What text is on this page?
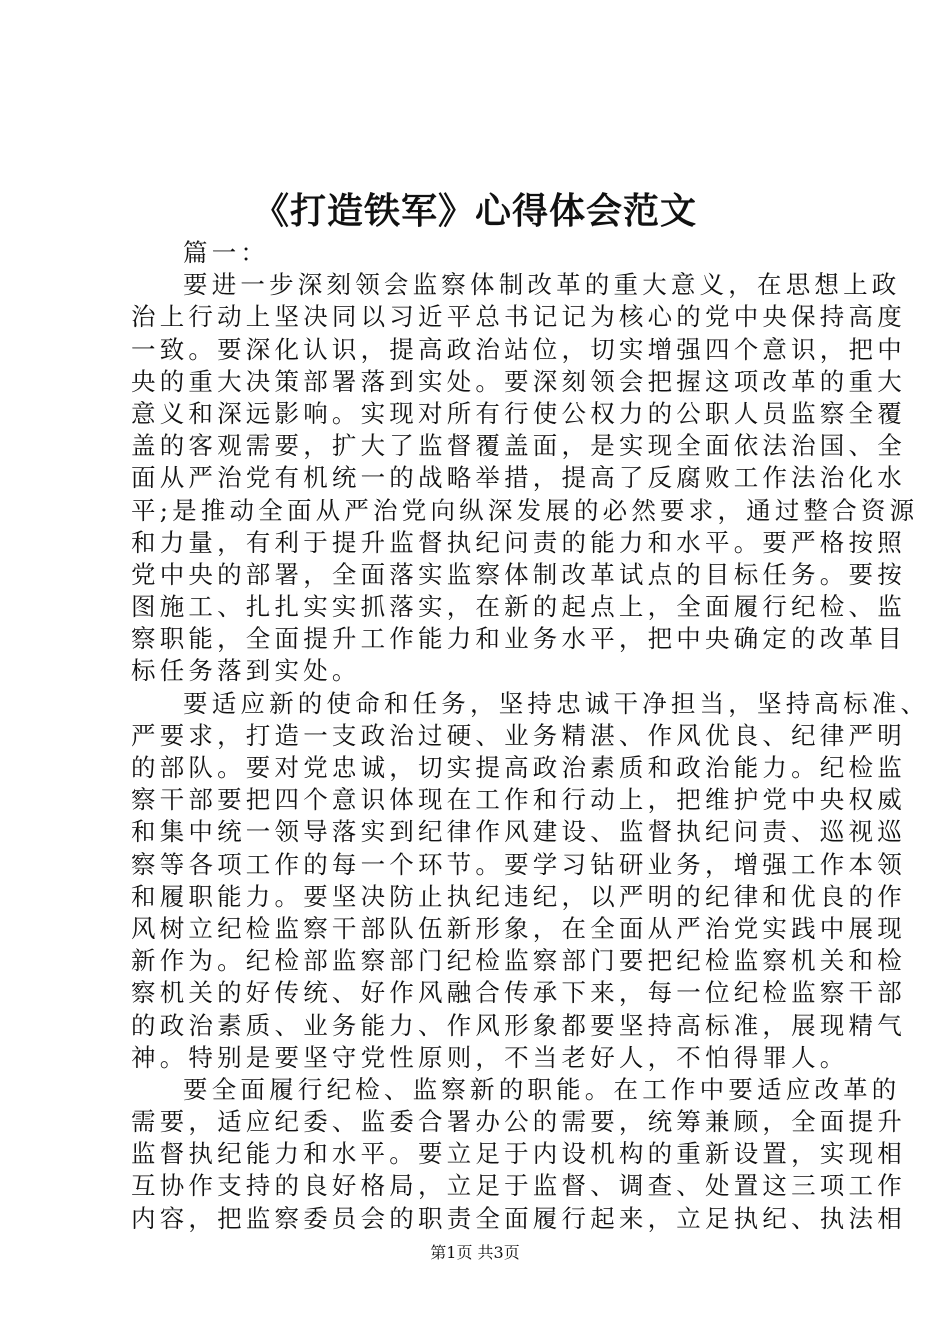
《打造铁军》心得体会范文

篇一：

要进一步深刻领会监察体制改革的重大意义，在思想上政

治上行动上坚决同以习近平总书记记为核心的党中央保持高度

一致。要深化认识，提高政治站位，切实增强四个意识，把中

央的重大决策部署落到实处。要深刻领会把握这项改革的重大

意义和深远影响。实现对所有行使公权力的公职人员监察全覆

盖的客观需要，扩大了监督覆盖面，是实现全面依法治国、全

面从严治党有机统一的战略举措，提高了反腐败工作法治化水

平;是推动全面从严治党向纵深发展的必然要求，通过整合资源

和力量，有利于提升监督执纪问责的能力和水平。要严格按照

党中央的部署，全面落实监察体制改革试点的目标任务。要按

图施工、扎扎实实抓落实，在新的起点上，全面履行纪检、监

察职能，全面提升工作能力和业务水平，把中央确定的改革目

标任务落到实处。

要适应新的使命和任务，坚持忠诚干净担当，坚持高标准、

严要求，打造一支政治过硬、业务精湛、作风优良、纪律严明

的部队。要对党忠诚，切实提高政治素质和政治能力。纪检监

察干部要把四个意识体现在工作和行动上，把维护党中央权威

和集中统一领导落实到纪律作风建设、监督执纪问责、巡视巡

察等各项工作的每一个环节。要学习钻研业务，增强工作本领

和履职能力。要坚决防止执纪违纪，以严明的纪律和优良的作

风树立纪检监察干部队伍新形象，在全面从严治党实践中展现

新作为。纪检部监察部门纪检监察部门要把纪检监察机关和检

察机关的好传统、好作风融合传承下来，每一位纪检监察干部

的政治素质、业务能力、作风形象都要坚持高标准，展现精气

神。特别是要坚守党性原则，不当老好人，不怕得罪人。

要全面履行纪检、监察新的职能。在工作中要适应改革的

需要，适应纪委、监委合署办公的需要，统筹兼顾，全面提升

监督执纪能力和水平。要立足于内设机构的重新设置，实现相

互协作支持的良好格局，立足于监督、调查、处置这三项工作

内容，把监察委员会的职责全面履行起来，立足执纪、执法相

第1页 共3页
